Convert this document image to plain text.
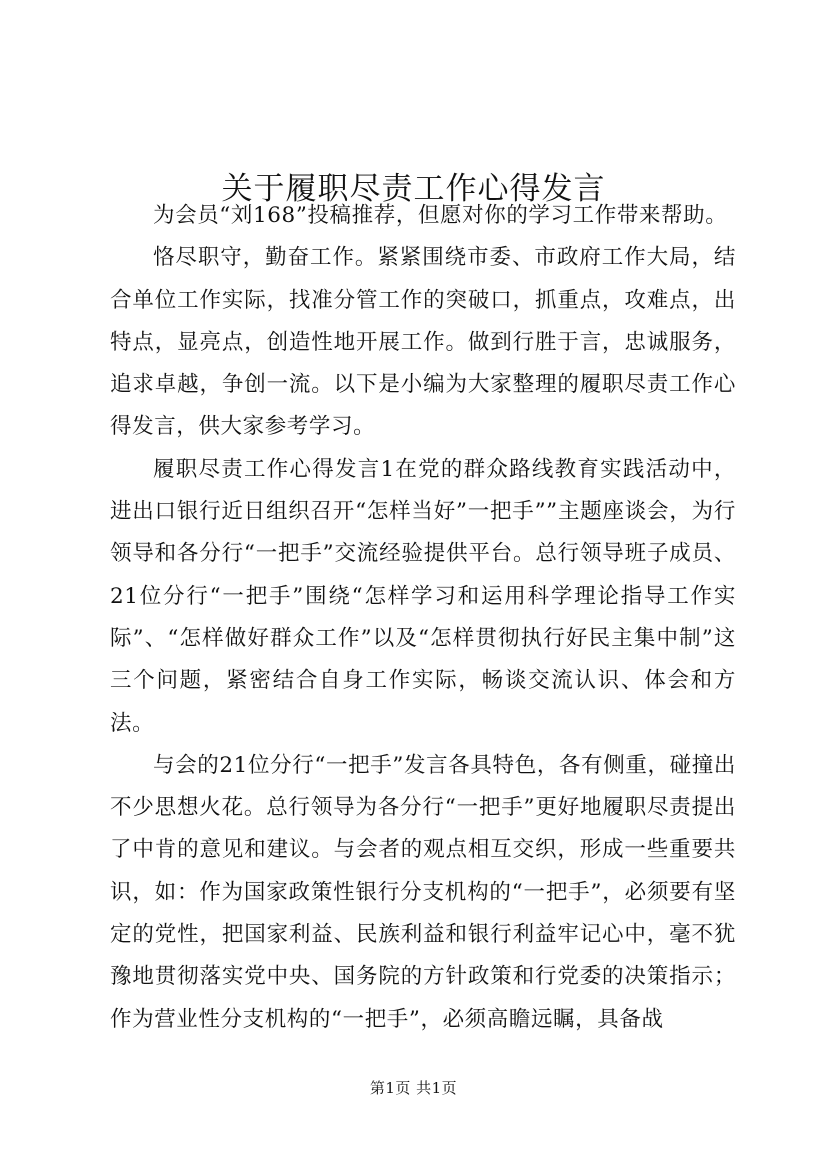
关于履职尽责工作心得发言

为会员“刘168”投稿推荐，但愿对你的学习工作带来帮助。

恪尽职守，勤奋工作。紧紧围绕市委、市政府工作大局，结合单位工作实际，找准分管工作的突破口，抓重点，攻难点，出特点，显亮点，创造性地开展工作。做到行胜于言，忠诚服务，追求卓越，争创一流。以下是小编为大家整理的履职尽责工作心得发言，供大家参考学习。

履职尽责工作心得发言1在党的群众路线教育实践活动中，进出口银行近日组织召开“怎样当好”一把手””主题座谈会，为行领导和各分行“一把手”交流经验提供平台。总行领导班子成员、21位分行“一把手”围绕“怎样学习和运用科学理论指导工作实际”、“怎样做好群众工作”以及“怎样贯彻执行好民主集中制”这三个问题，紧密结合自身工作实际，畅谈交流认识、体会和方法。

与会的21位分行“一把手”发言各具特色，各有侧重，碰撞出不少思想火花。总行领导为各分行“一把手”更好地履职尽责提出了中肯的意见和建议。与会者的观点相互交织，形成一些重要共识，如：作为国家政策性银行分支机构的“一把手”，必须要有坚定的党性，把国家利益、民族利益和银行利益牢记心中，毫不犹豫地贯彻落实党中央、国务院的方针政策和行党委的决策指示；作为营业性分支机构的“一把手”，必须高瞻远瞩，具备战

第1页 共1页
